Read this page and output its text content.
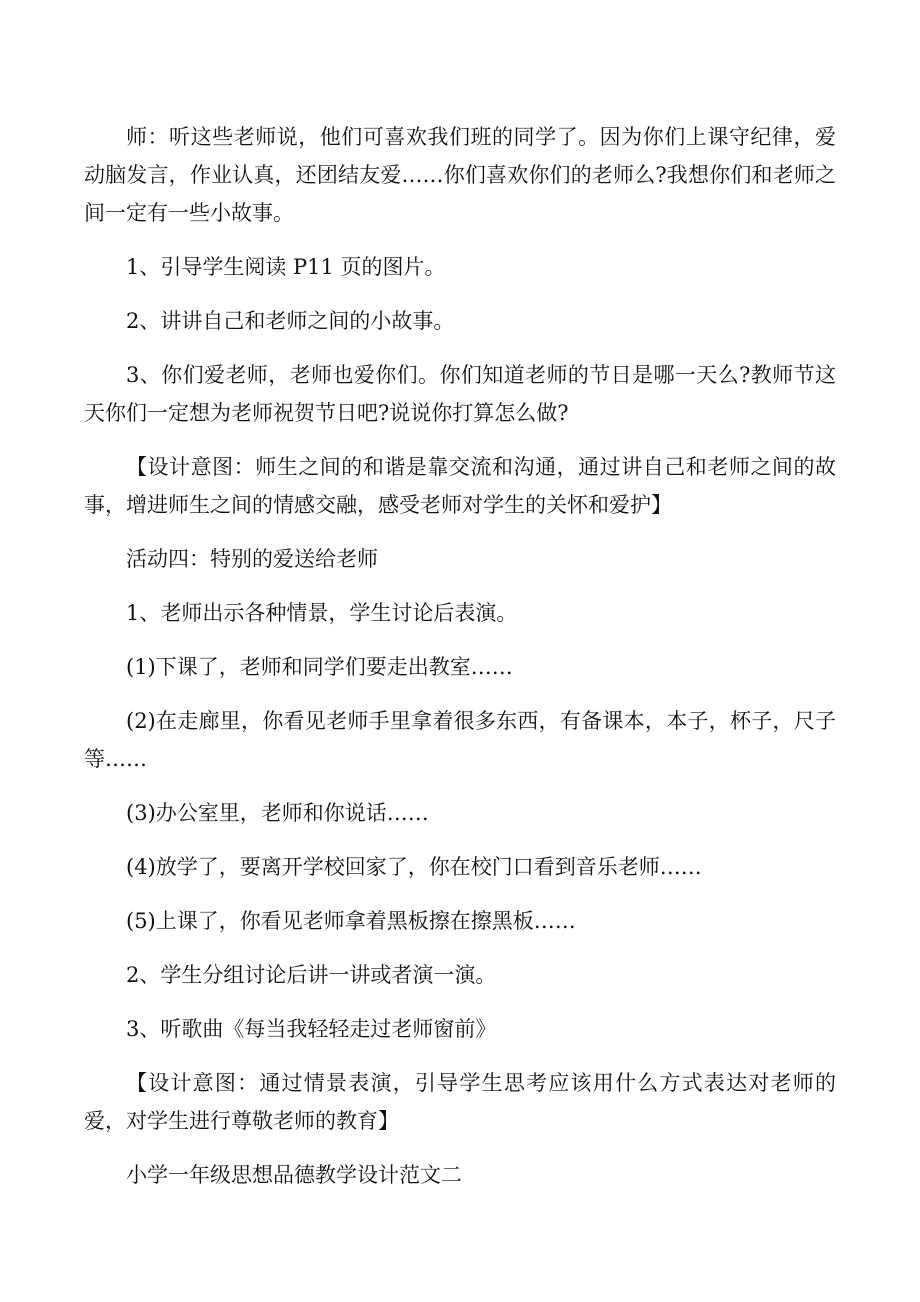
师：听这些老师说，他们可喜欢我们班的同学了。因为你们上课守纪律，爱动脑发言，作业认真，还团结友爱……你们喜欢你们的老师么?我想你们和老师之间一定有一些小故事。

1、引导学生阅读 P11 页的图片。

2、讲讲自己和老师之间的小故事。

3、你们爱老师，老师也爱你们。你们知道老师的节日是哪一天么?教师节这天你们一定想为老师祝贺节日吧?说说你打算怎么做?

【设计意图：师生之间的和谐是靠交流和沟通，通过讲自己和老师之间的故事，增进师生之间的情感交融，感受老师对学生的关怀和爱护】

活动四：特别的爱送给老师

1、老师出示各种情景，学生讨论后表演。

(1)下课了，老师和同学们要走出教室……

(2)在走廊里，你看见老师手里拿着很多东西，有备课本，本子，杯子，尺子等……

(3)办公室里，老师和你说话……

(4)放学了，要离开学校回家了，你在校门口看到音乐老师……

(5)上课了，你看见老师拿着黑板擦在擦黑板……

2、学生分组讨论后讲一讲或者演一演。

3、听歌曲《每当我轻轻走过老师窗前》

【设计意图：通过情景表演，引导学生思考应该用什么方式表达对老师的爱，对学生进行尊敬老师的教育】

小学一年级思想品德教学设计范文二
